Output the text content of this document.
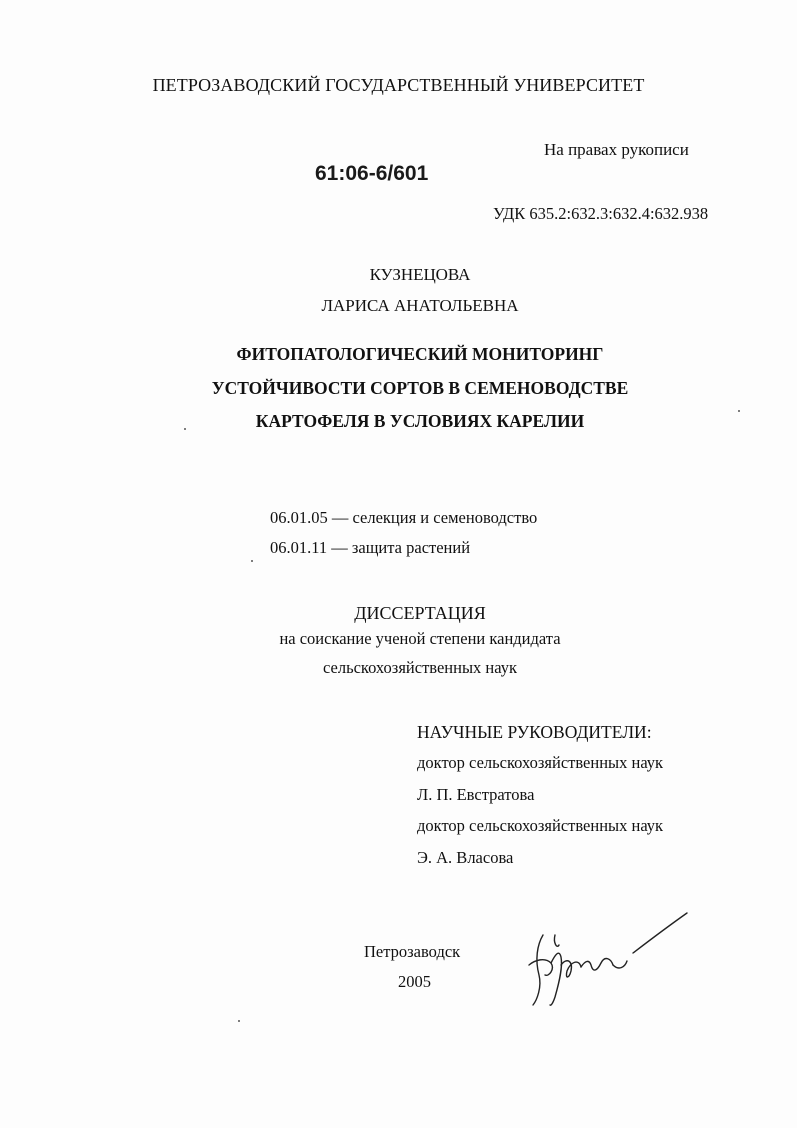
ПЕТРОЗАВОДСКИЙ ГОСУДАРСТВЕННЫЙ УНИВЕРСИТЕТ
На правах рукописи
61:06-6/601
УДК 635.2:632.3:632.4:632.938
КУЗНЕЦОВА
ЛАРИСА АНАТОЛЬЕВНА
ФИТОПАТОЛОГИЧЕСКИЙ МОНИТОРИНГ
УСТОЙЧИВОСТИ СОРТОВ В СЕМЕНОВОДСТВЕ
КАРТОФЕЛЯ В УСЛОВИЯХ КАРЕЛИИ
06.01.05 — селекция и семеноводство
06.01.11 — защита растений
ДИССЕРТАЦИЯ
на соискание ученой степени кандидата
сельскохозяйственных наук
НАУЧНЫЕ РУКОВОДИТЕЛИ:
доктор сельскохозяйственных наук
Л. П. Евстратова
доктор сельскохозяйственных наук
Э. А. Власова
Петрозаводск
2005
